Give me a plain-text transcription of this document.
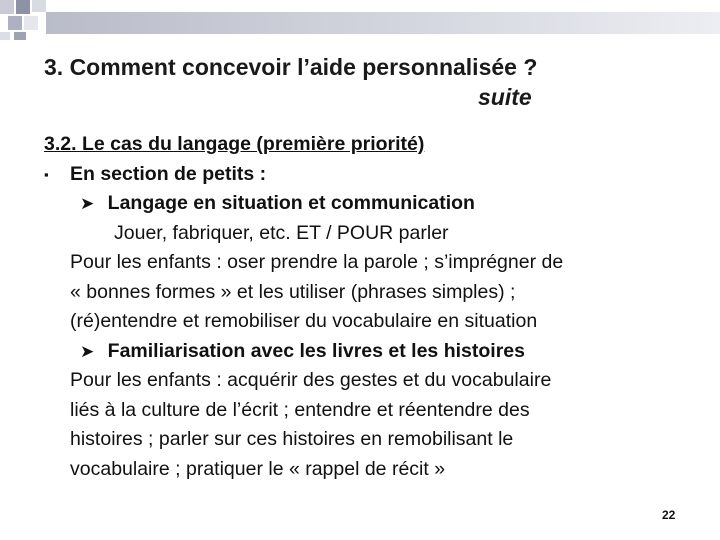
3. Comment concevoir l’aide personnalisée ?
suite
3.2. Le cas du langage (première priorité)
▪ En section de petits :
➤ Langage en situation et communication
Jouer, fabriquer, etc. ET / POUR parler
Pour les enfants : oser prendre la parole ; s’imprégner de
« bonnes formes » et les utiliser (phrases simples) ;
(ré)entendre et remobiliser du vocabulaire en situation
➤ Familiarisation avec les livres et les histoires
Pour les enfants : acquérir des gestes et du vocabulaire
liés à la culture de l’écrit ; entendre et réentendre des
histoires ; parler sur ces histoires en remobilisant le
vocabulaire ; pratiquer le « rappel de récit »
22
